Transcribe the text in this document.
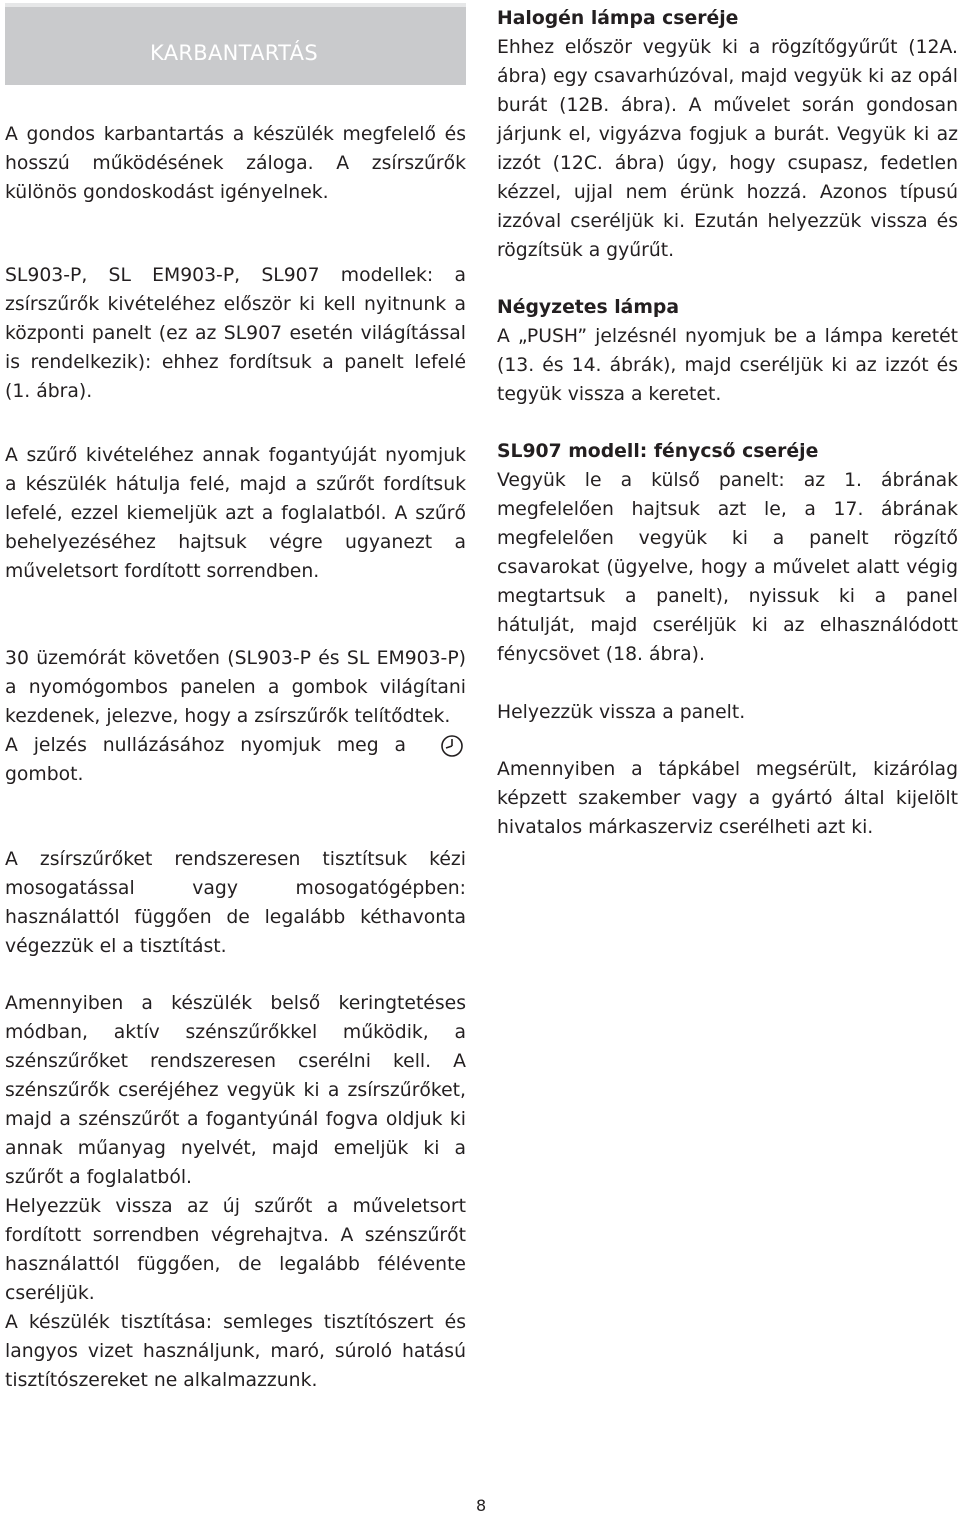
KARBANTARTÁS

A gondos karbantartás a készülék megfelelő és hosszú működésének záloga. A zsírszűrők különös gondoskodást igényelnek.

SL903-P, SL EM903-P, SL907 modellek: a zsírszűrők kivételéhez először ki kell nyitnunk a központi panelt (ez az SL907 esetén világítással is rendelkezik): ehhez fordítsuk a panelt lefelé (1. ábra).

A szűrő kivételéhez annak fogantyúját nyomjuk a készülék hátulja felé, majd a szűrőt fordítsuk lefelé, ezzel kiemeljük azt a foglalatból. A szűrő behelyezéséhez hajtsuk végre ugyanezt a műveletsort fordított sorrendben.

30 üzemórát követően (SL903-P és SL EM903-P) a nyomógombos panelen a gombok világítani kezdenek, jelezve, hogy a zsírszűrők telítődtek.

A jelzés nullázásához nyomjuk meg a gombot.

A zsírszűrőket rendszeresen tisztítsuk kézi mosogatással vagy mosogatógépben: használattól függően de legalább kéthavonta végezzük el a tisztítást.

Amennyiben a készülék belső keringtetéses módban, aktív szénszűrőkkel működik, a szénszűrőket rendszeresen cserélni kell. A szénszűrők cseréjéhez vegyük ki a zsírszűrőket, majd a szénszűrőt a fogantyúnál fogva oldjuk ki annak műanyag nyelvét, majd emeljük ki a szűrőt a foglalatból.

Helyezzük vissza az új szűrőt a műveletsort fordított sorrendben végrehajtva. A szénszűrőt használattól függően, de legalább félévente cseréljük.

A készülék tisztítása: semleges tisztítószert és langyos vizet használjunk, maró, súroló hatású tisztítószereket ne alkalmazzunk.

Halogén lámpa cseréje

Ehhez először vegyük ki a rögzítőgyűrűt (12A. ábra) egy csavarhúzóval, majd vegyük ki az opál burát (12B. ábra). A művelet során gondosan járjunk el, vigyázva fogjuk a burát. Vegyük ki az izzót (12C. ábra) úgy, hogy csupasz, fedetlen kézzel, ujjal nem érünk hozzá. Azonos típusú izzóval cseréljük ki. Ezután helyezzük vissza és rögzítsük a gyűrűt.

Négyzetes lámpa

A „PUSH” jelzésnél nyomjuk be a lámpa keretét (13. és 14. ábrák), majd cseréljük ki az izzót és tegyük vissza a keretet.

SL907 modell: fénycső cseréje

Vegyük le a külső panelt: az 1. ábrának megfelelően hajtsuk azt le, a 17. ábrának megfelelően vegyük ki a panelt rögzítő csavarokat (ügyelve, hogy a művelet alatt végig megtartsuk a panelt), nyissuk ki a panel hátulját, majd cseréljük ki az elhasználódott fénycsövet (18. ábra).

Helyezzük vissza a panelt.

Amennyiben a tápkábel megsérült, kizárólag képzett szakember vagy a gyártó által kijelölt hivatalos márkaszerviz cserélheti azt ki.

8
